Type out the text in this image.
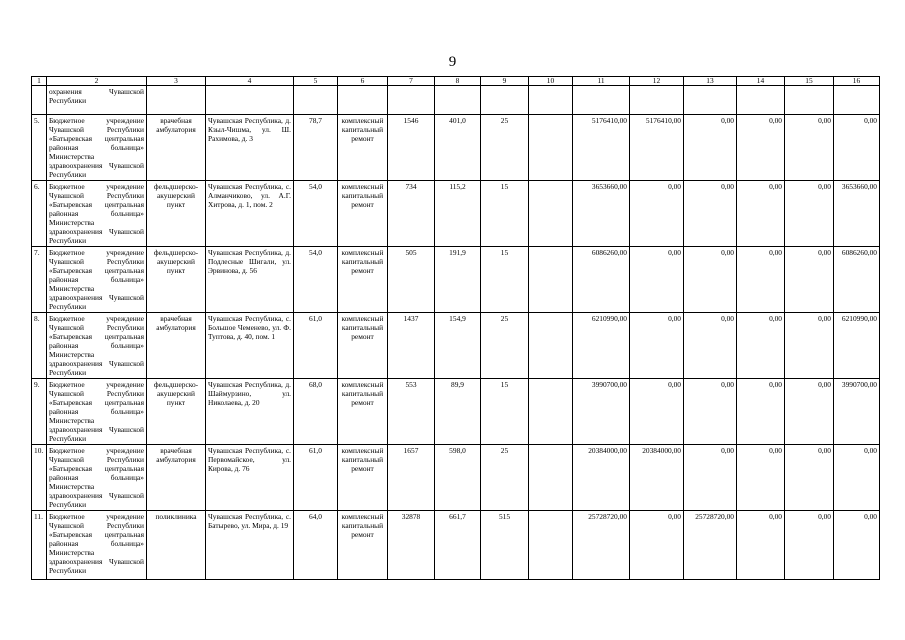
9
1	2	3	4	5	6	7	8	9	10	11	12	13	14	15	16
	охранения Чувашской Республики														
5.	Бюджетное учреждение Чувашской Республики «Батыревская центральная районная больница» Министерства здравоохранения Чувашской Республики	врачебная амбулатория	Чувашская Республика, д. Кзыл-Чишма, ул. Ш. Рахимова, д. 3	78,7	комплексный капитальный ремонт	1546	401,0	25		5176410,00	5176410,00	0,00	0,00	0,00	0,00
6.	Бюджетное учреждение Чувашской Республики «Батыревская центральная районная больница» Министерства здравоохранения Чувашской Республики	фельдшерско-акушерский пункт	Чувашская Республика, с. Алманчиково, ул. А.Г. Хитрова, д. 1, пом. 2	54,0	комплексный капитальный ремонт	734	115,2	15		3653660,00	0,00	0,00	0,00	0,00	3653660,00
7.	Бюджетное учреждение Чувашской Республики «Батыревская центральная районная больница» Министерства здравоохранения Чувашской Республики	фельдшерско-акушерский пункт	Чувашская Республика, д. Подлесные Шигали, ул. Эрвинова, д. 56	54,0	комплексный капитальный ремонт	505	191,9	15		6086260,00	0,00	0,00	0,00	0,00	6086260,00
8.	Бюджетное учреждение Чувашской Республики «Батыревская центральная районная больница» Министерства здравоохранения Чувашской Республики	врачебная амбулатория	Чувашская Республика, с. Большое Чеменево, ул. Ф. Туптова, д. 40, пом. 1	61,0	комплексный капитальный ремонт	1437	154,9	25		6210990,00	0,00	0,00	0,00	0,00	6210990,00
9.	Бюджетное учреждение Чувашской Республики «Батыревская центральная районная больница» Министерства здравоохранения Чувашской Республики	фельдшерско-акушерский пункт	Чувашская Республика, д. Шаймурзино, ул. Николаева, д. 20	68,0	комплексный капитальный ремонт	553	89,9	15		3990700,00	0,00	0,00	0,00	0,00	3990700,00
10.	Бюджетное учреждение Чувашской Республики «Батыревская центральная районная больница» Министерства здравоохранения Чувашской Республики	врачебная амбулатория	Чувашская Республика, с. Первомайское, ул. Кирова, д. 76	61,0	комплексный капитальный ремонт	1657	598,0	25		20384000,00	20384000,00	0,00	0,00	0,00	0,00
11.	Бюджетное учреждение Чувашской Республики «Батыревская центральная районная больница» Министерства здравоохранения Чувашской Республики	поликлиника	Чувашская Республика, с. Батырево, ул. Мира, д. 19	64,0	комплексный капитальный ремонт	32878	661,7	515		25728720,00	0,00	25728720,00	0,00	0,00	0,00
